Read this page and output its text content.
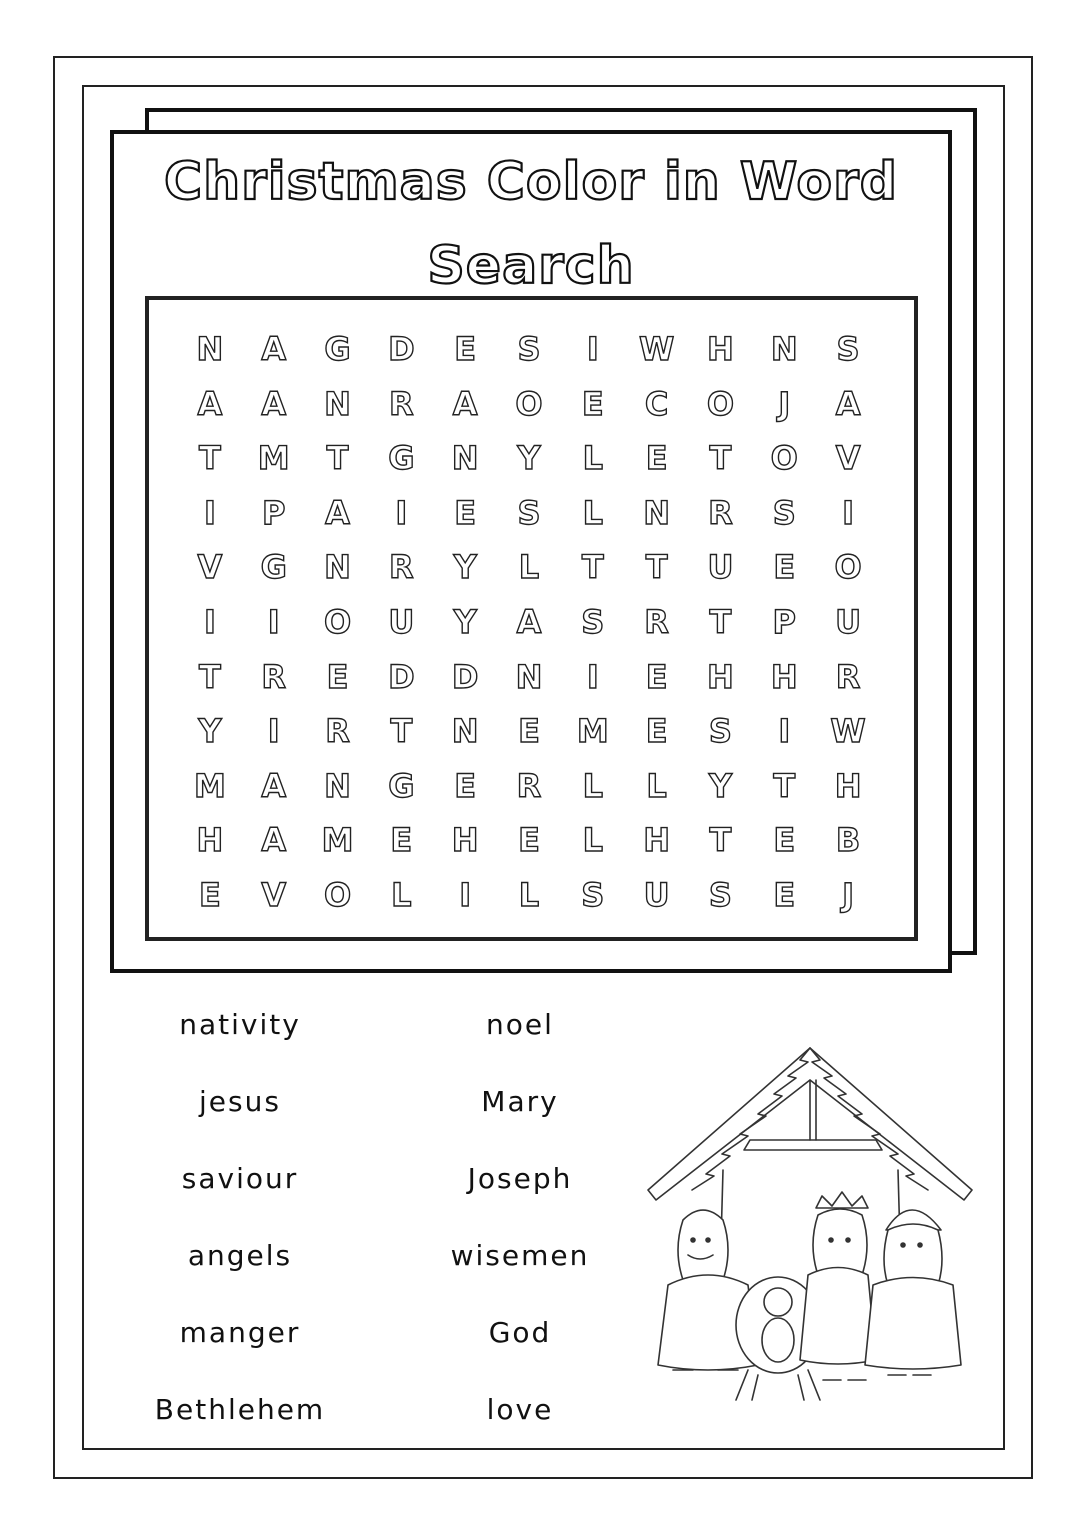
Christmas Color in Word
Search
N	A	G	D	E	S	I	W	H	N	S
A	A	N	R	A	O	E	C	O	J	A
T	M	T	G	N	Y	L	E	T	O	V
I	P	A	I	E	S	L	N	R	S	I
V	G	N	R	Y	L	T	T	U	E	O
I	I	O	U	Y	A	S	R	T	P	U
T	R	E	D	D	N	I	E	H	H	R
Y	I	R	T	N	E	M	E	S	I	W
M	A	N	G	E	R	L	L	Y	T	H
H	A	M	E	H	E	L	H	T	E	B
E	V	O	L	I	L	S	U	S	E	J
nativity
jesus
saviour
angels
manger
Bethlehem
noel
Mary
Joseph
wisemen
God
love
